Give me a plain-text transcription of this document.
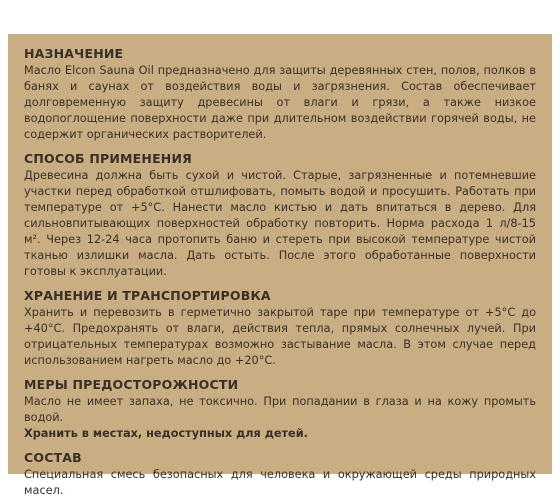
НАЗНАЧЕНИЕ

Масло Elcon Sauna Oil предназначено для защиты деревянных стен, полов, полков в банях и саунах от воздействия воды и загрязнения. Состав обеспечивает долговременную защиту древесины от влаги и грязи, а также низкое водопоглощение поверхности даже при длительном воздействии горячей воды, не содержит органических растворителей.

СПОСОБ ПРИМЕНЕНИЯ

Древесина должна быть сухой и чистой. Старые, загрязненные и потемневшие участки перед обработкой отшлифовать, помыть водой и просушить. Работать при температуре от +5°С. Нанести масло кистью и дать впитаться в дерево. Для сильновпитывающих поверхностей обработку повторить. Норма расхода 1 л/8-15 м². Через 12-24 часа протопить баню и стереть при высокой температуре чистой тканью излишки масла. Дать остыть. После этого обработанные поверхности готовы к эксплуатации.

ХРАНЕНИЕ И ТРАНСПОРТИРОВКА

Хранить и перевозить в герметично закрытой таре при температуре от +5°С до +40°С. Предохранять от влаги, действия тепла, прямых солнечных лучей. При отрицательных температурах возможно застывание масла. В этом случае перед использованием нагреть масло до +20°С.

МЕРЫ ПРЕДОСТОРОЖНОСТИ

Масло не имеет запаха, не токсично. При попадании в глаза и на кожу промыть водой.

Хранить в местах, недоступных для детей.

СОСТАВ

Специальная смесь безопасных для человека и окружающей среды природных масел.
